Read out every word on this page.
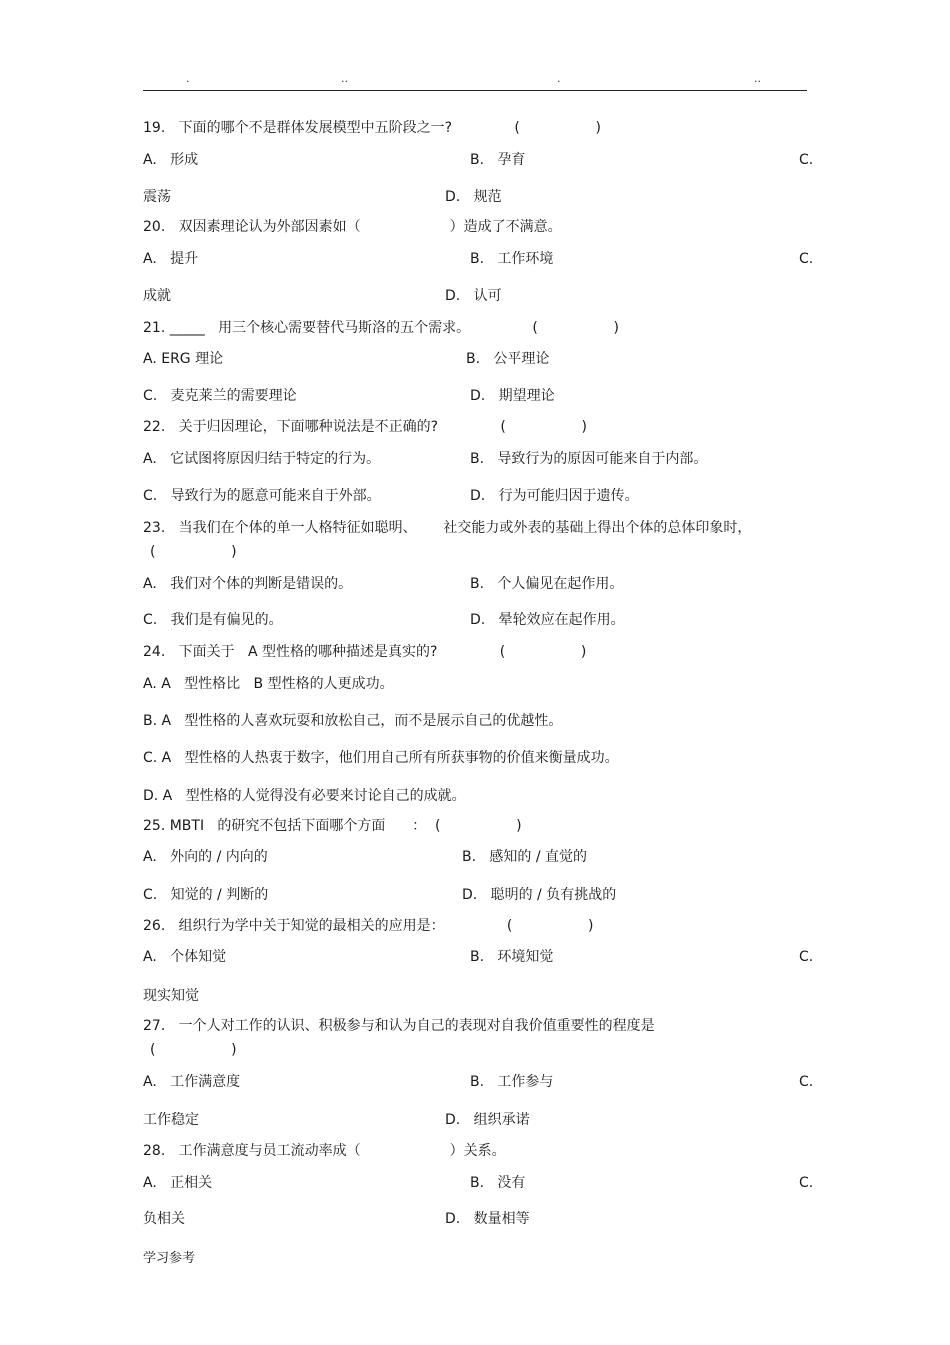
.	..	.	..
19.   下面的哪个不是群体发展模型中五阶段之一?              (                 )
A.   形成	B.   孕育	C.
震荡	D.   规范
20.   双因素理论认为外部因素如（                    ）造成了不满意。
A.   提升	B.   工作环境	C.
成就	D.   认可
21. _____   用三个核心需要替代马斯洛的五个需求。              (                 )
A. ERG 理论	B.   公平理论
C.   麦克莱兰的需要理论	D.   期望理论
22.   关于归因理论，下面哪种说法是不正确的?              (                 )
A.   它试图将原因归结于特定的行为。	B.   导致行为的原因可能来自于内部。
C.   导致行为的愿意可能来自于外部。	D.   行为可能归因于遗传。
23.   当我们在个体的单一人格特征如聪明、      社交能力或外表的基础上得出个体的总体印象时，
(                 )
A.   我们对个体的判断是错误的。	B.   个人偏见在起作用。
C.   我们是有偏见的。	D.   晕轮效应在起作用。
24.   下面关于   A 型性格的哪种描述是真实的?              (                 )
A. A   型性格比   B 型性格的人更成功。
B. A   型性格的人喜欢玩耍和放松自己，而不是展示自己的优越性。
C. A   型性格的人热衷于数字，他们用自己所有所获事物的价值来衡量成功。
D. A   型性格的人觉得没有必要来讨论自己的成就。
25. MBTI   的研究不包括下面哪个方面      ：  (                 )
A.   外向的 / 内向的	B.   感知的 / 直觉的
C.   知觉的 / 判断的	D.   聪明的 / 负有挑战的
26.   组织行为学中关于知觉的最相关的应用是：              (                 )
A.   个体知觉	B.   环境知觉	C.
现实知觉
27.   一个人对工作的认识、积极参与和认为自己的表现对自我价值重要性的程度是
(                 )
A.   工作满意度	B.   工作参与	C.
工作稳定	D.   组织承诺
28.   工作满意度与员工流动率成（                    ）关系。
A.   正相关	B.   没有	C.
负相关	D.   数量相等
学习参考
